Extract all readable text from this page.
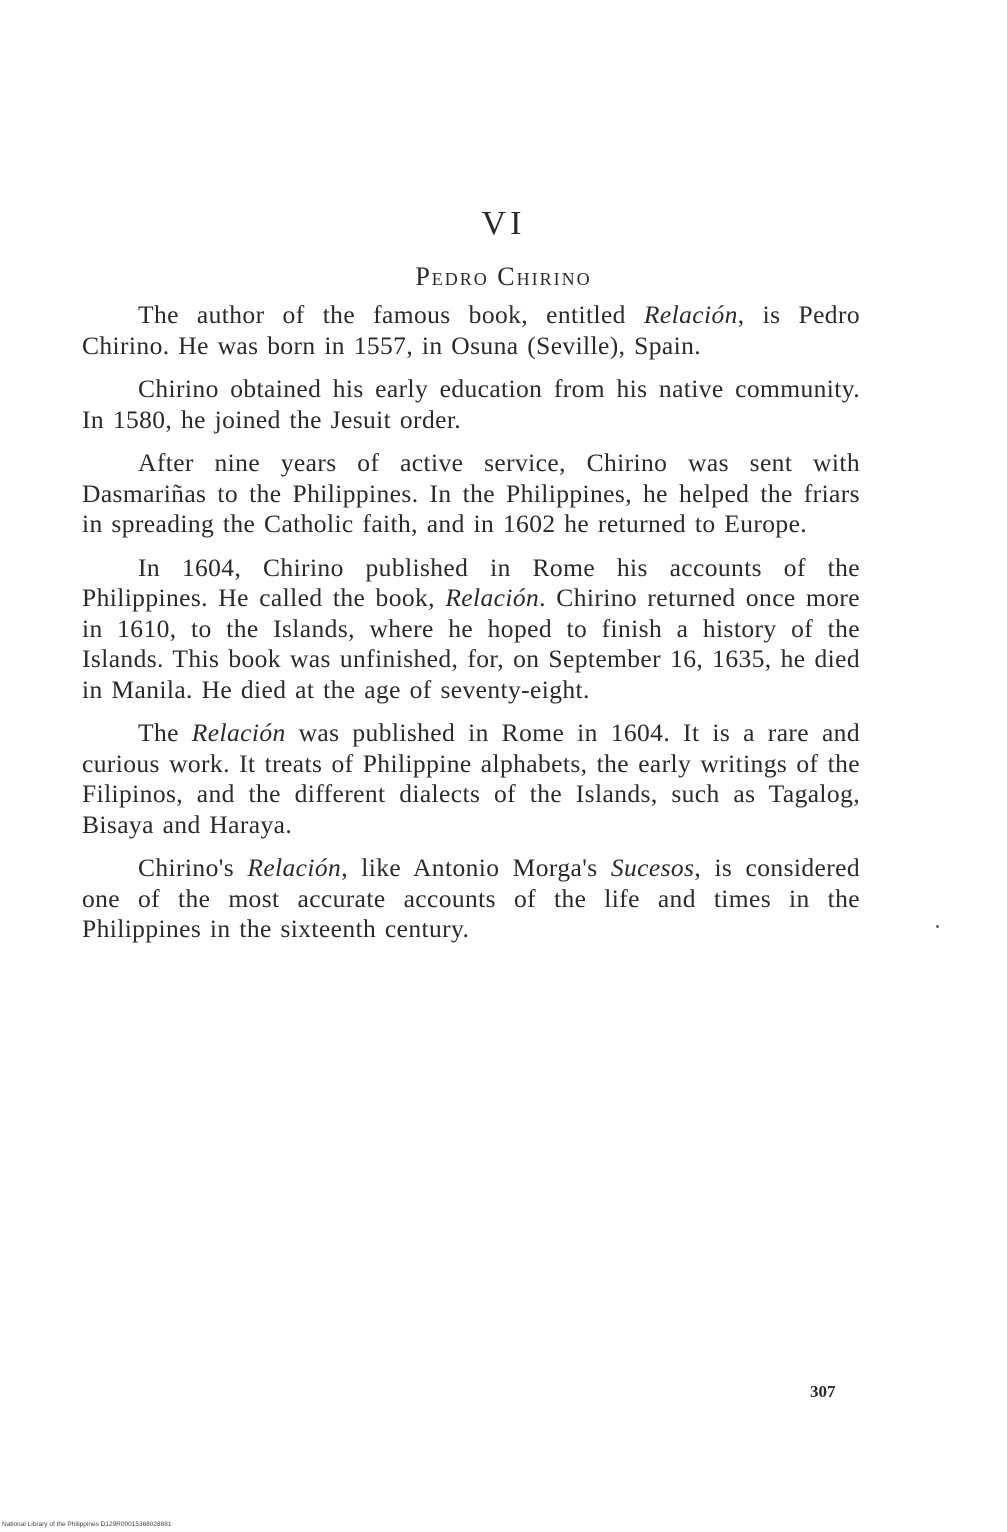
VI
Pedro Chirino

The author of the famous book, entitled Relación, is Pedro Chirino. He was born in 1557, in Osuna (Seville), Spain.

Chirino obtained his early education from his native community. In 1580, he joined the Jesuit order.

After nine years of active service, Chirino was sent with Dasmariñas to the Philippines. In the Philippines, he helped the friars in spreading the Catholic faith, and in 1602 he returned to Europe.

In 1604, Chirino published in Rome his accounts of the Philippines. He called the book, Relación. Chirino returned once more in 1610, to the Islands, where he hoped to finish a history of the Islands. This book was unfinished, for, on September 16, 1635, he died in Manila. He died at the age of seventy-eight.

The Relación was published in Rome in 1604. It is a rare and curious work. It treats of Philippine alphabets, the early writings of the Filipinos, and the different dialects of the Islands, such as Tagalog, Bisaya and Haraya.

Chirino's Relación, like Antonio Morga's Sucesos, is considered one of the most accurate accounts of the life and times in the Philippines in the sixteenth century.

307
National Library of the Philippines D129R00015368028881
